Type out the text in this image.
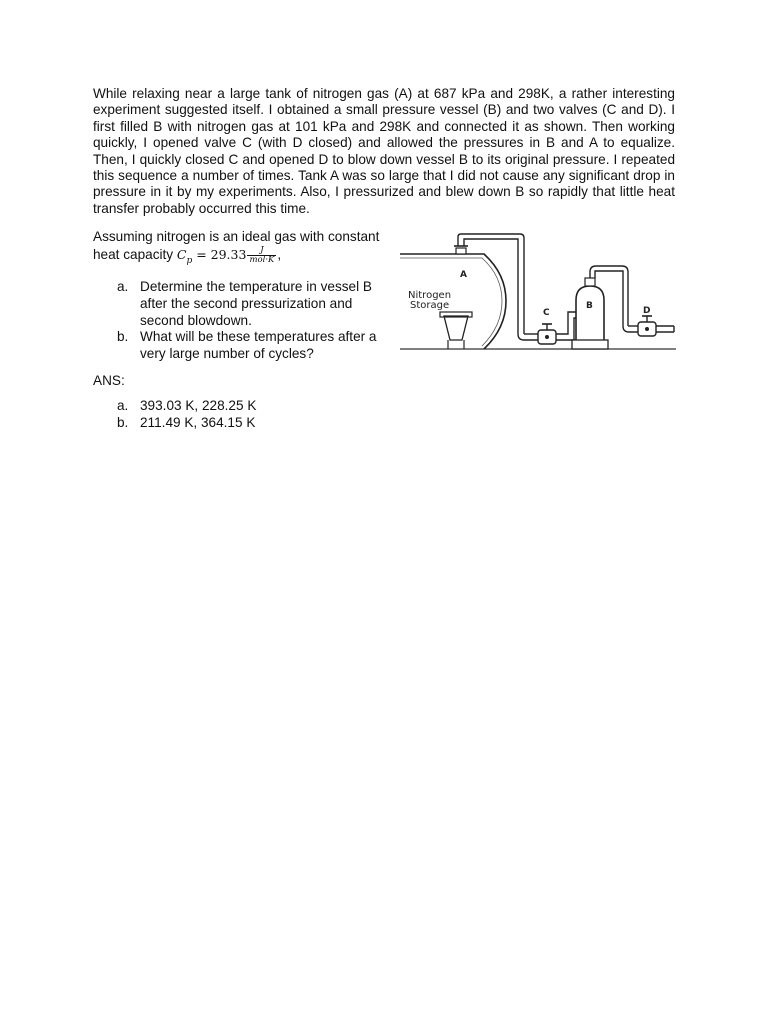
While relaxing near a large tank of nitrogen gas (A) at 687 kPa and 298K, a rather interesting experiment suggested itself. I obtained a small pressure vessel (B) and two valves (C and D). I first filled B with nitrogen gas at 101 kPa and 298K and connected it as shown. Then working quickly, I opened valve C (with D closed) and allowed the pressures in B and A to equalize. Then, I quickly closed C and opened D to blow down vessel B to its original pressure. I repeated this sequence a number of times. Tank A was so large that I did not cause any significant drop in pressure in it by my experiments. Also, I pressurized and blew down B so rapidly that little heat transfer probably occurred this time.

Assuming nitrogen is an ideal gas with constant
heat capacity $C_p = 29.33 \frac{J}{\text{mol·K}}$ ,
a. Determine the temperature in vessel B after the second pressurization and second blowdown.
b. What will be these temperatures after a very large number of cycles?
A
Nitrogen
Storage	B
C	D

ANS:

a. 393.03 K, 228.25 K
b. 211.49 K, 364.15 K
